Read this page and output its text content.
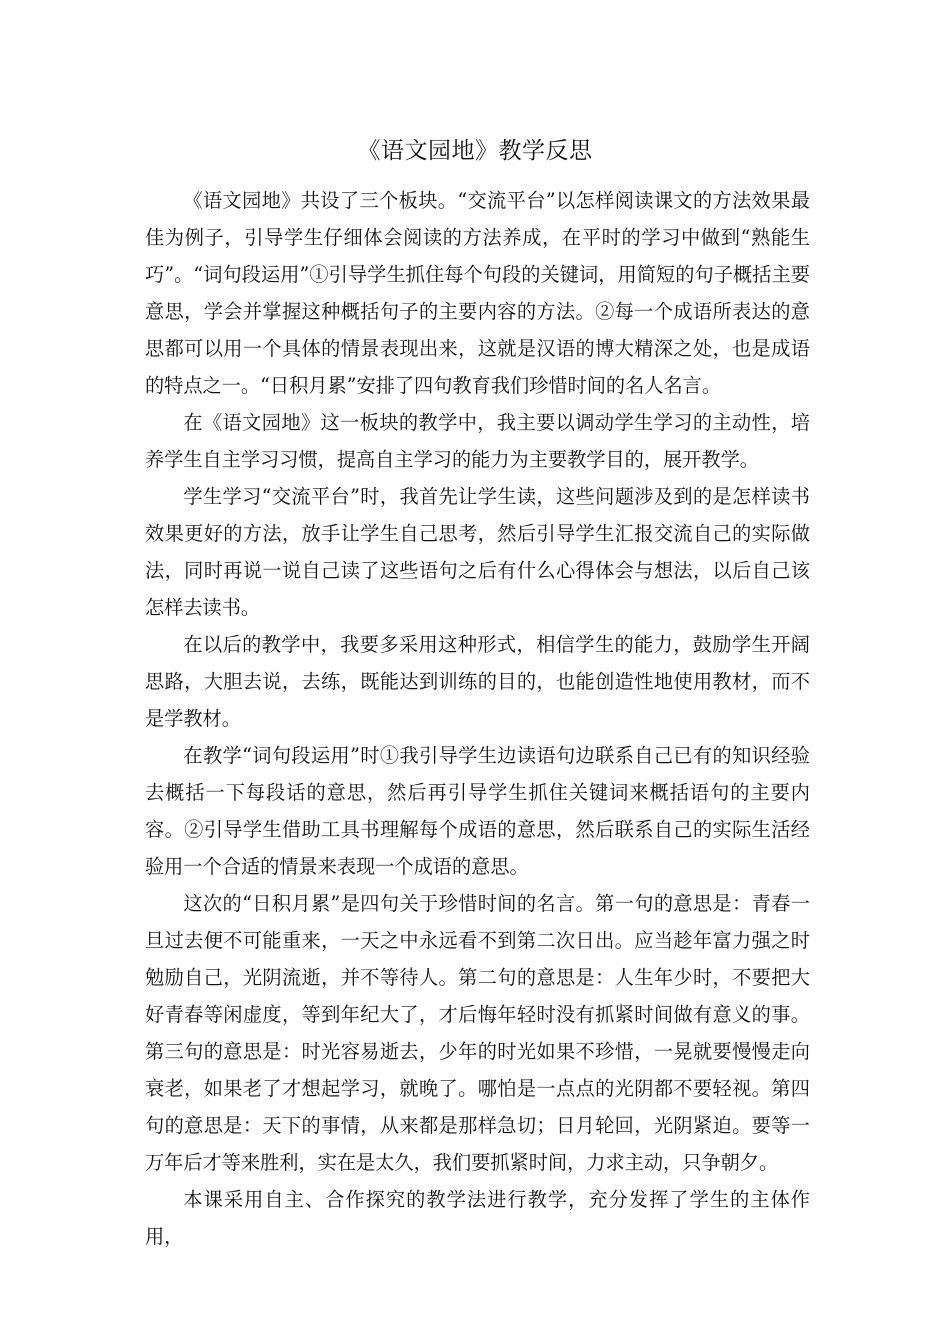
《语文园地》教学反思

《语文园地》共设了三个板块。“交流平台”以怎样阅读课文的方法效果最佳为例子，引导学生仔细体会阅读的方法养成，在平时的学习中做到“熟能生巧”。“词句段运用”①引导学生抓住每个句段的关键词，用简短的句子概括主要意思，学会并掌握这种概括句子的主要内容的方法。②每一个成语所表达的意思都可以用一个具体的情景表现出来，这就是汉语的博大精深之处，也是成语的特点之一。“日积月累”安排了四句教育我们珍惜时间的名人名言。

在《语文园地》这一板块的教学中，我主要以调动学生学习的主动性，培养学生自主学习习惯，提高自主学习的能力为主要教学目的，展开教学。

学生学习“交流平台”时，我首先让学生读，这些问题涉及到的是怎样读书效果更好的方法，放手让学生自己思考，然后引导学生汇报交流自己的实际做法，同时再说一说自己读了这些语句之后有什么心得体会与想法，以后自己该怎样去读书。

在以后的教学中，我要多采用这种形式，相信学生的能力，鼓励学生开阔思路，大胆去说，去练，既能达到训练的目的，也能创造性地使用教材，而不是学教材。

在教学“词句段运用”时①我引导学生边读语句边联系自己已有的知识经验去概括一下每段话的意思，然后再引导学生抓住关键词来概括语句的主要内容。②引导学生借助工具书理解每个成语的意思，然后联系自己的实际生活经验用一个合适的情景来表现一个成语的意思。

这次的“日积月累”是四句关于珍惜时间的名言。第一句的意思是：青春一旦过去便不可能重来，一天之中永远看不到第二次日出。应当趁年富力强之时勉励自己，光阴流逝，并不等待人。第二句的意思是：人生年少时，不要把大好青春等闲虚度，等到年纪大了，才后悔年轻时没有抓紧时间做有意义的事。第三句的意思是：时光容易逝去，少年的时光如果不珍惜，一晃就要慢慢走向衰老，如果老了才想起学习，就晚了。哪怕是一点点的光阴都不要轻视。第四句的意思是：天下的事情，从来都是那样急切；日月轮回，光阴紧迫。要等一万年后才等来胜利，实在是太久，我们要抓紧时间，力求主动，只争朝夕。

本课采用自主、合作探究的教学法进行教学，充分发挥了学生的主体作用，
